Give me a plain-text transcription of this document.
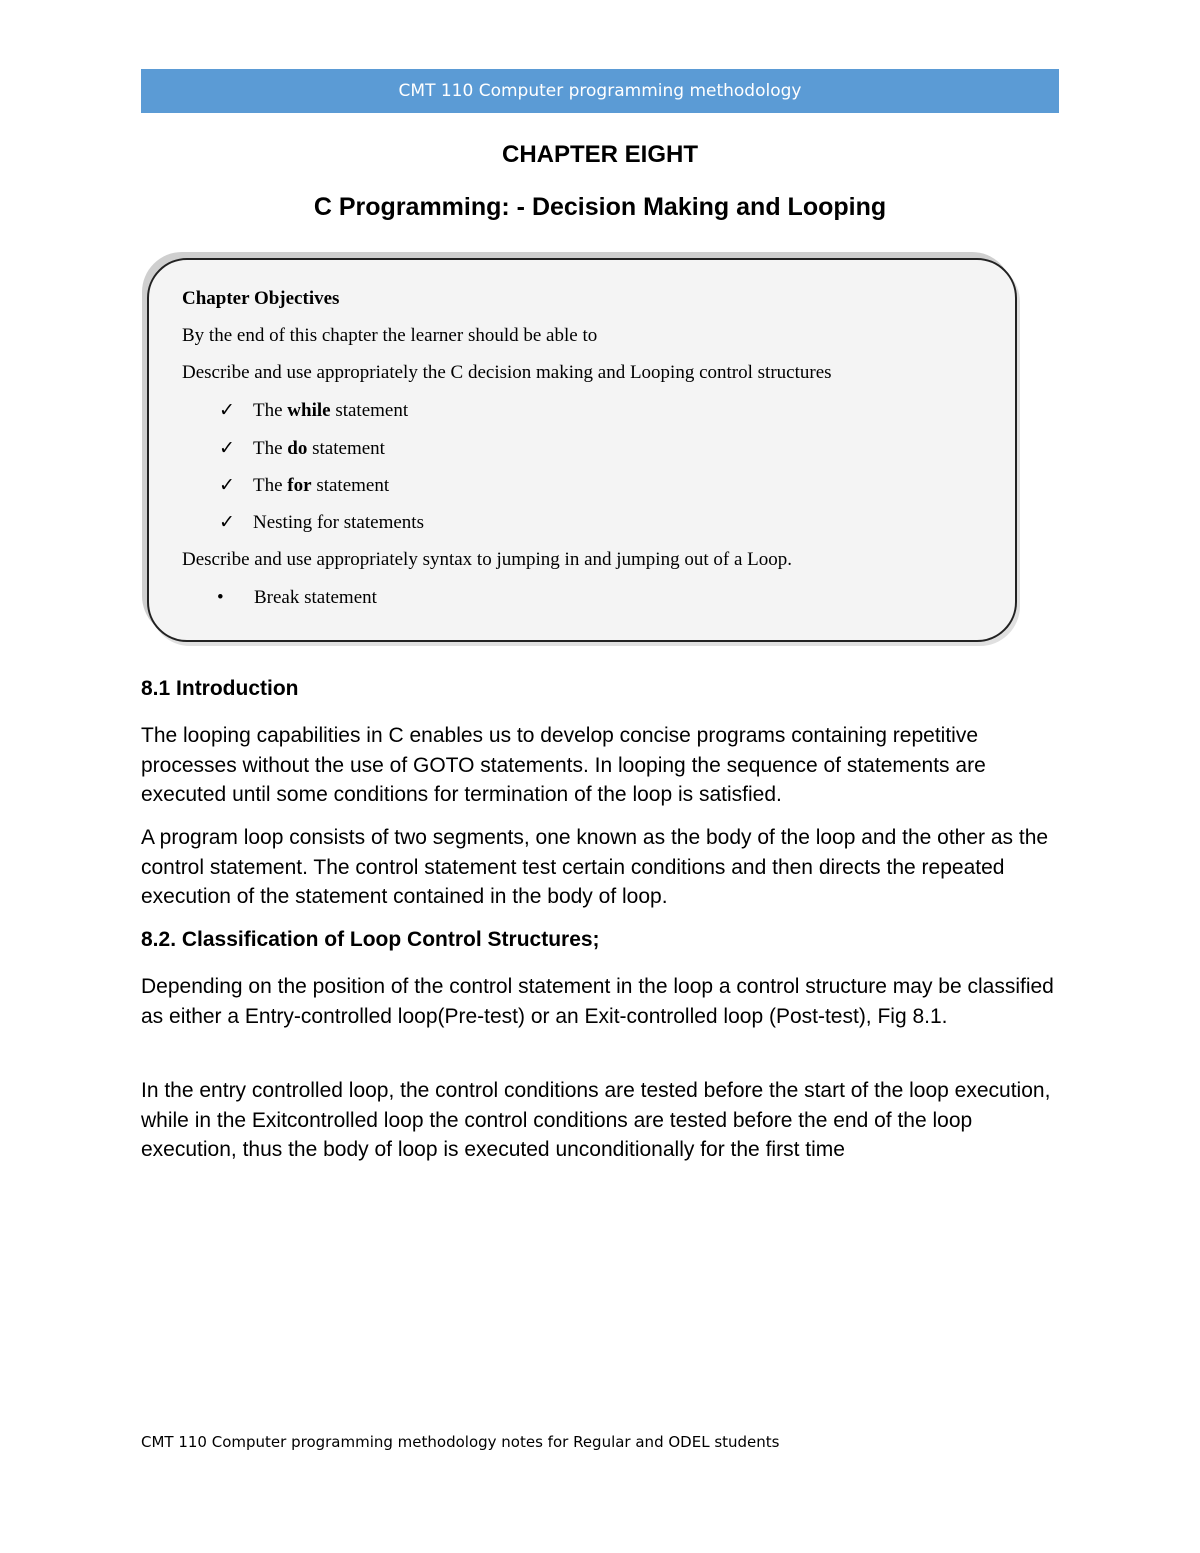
CMT 110 Computer programming methodology
CHAPTER EIGHT
C Programming: - Decision Making and Looping
Chapter Objectives
By the end of this chapter the learner should be able to
Describe and use appropriately the C decision making and Looping control structures
✓ The while statement
✓ The do statement
✓ The for statement
✓ Nesting for statements
Describe and use appropriately syntax to jumping in and jumping out of a Loop.
• Break statement
8.1 Introduction

The looping capabilities in C enables us to develop concise programs containing repetitive processes without the use of GOTO statements. In looping the sequence of statements are executed until some conditions for termination of the loop is satisfied.

A program loop consists of two segments, one known as the body of the loop and the other as the control statement. The control statement test certain conditions and then directs the repeated execution of the statement contained in the body of loop.

8.2. Classification of Loop Control Structures;

Depending on the position of the control statement in the loop a control structure may be classified as either a Entry-controlled loop(Pre-test) or an Exit-controlled loop (Post-test), Fig 8.1.

In the entry controlled loop, the control conditions are tested before the start of the loop execution, while in the Exitcontrolled loop the control conditions are tested before the end of the loop execution, thus the body of loop is executed unconditionally for the first time

CMT 110 Computer programming methodology notes for Regular and ODEL students
